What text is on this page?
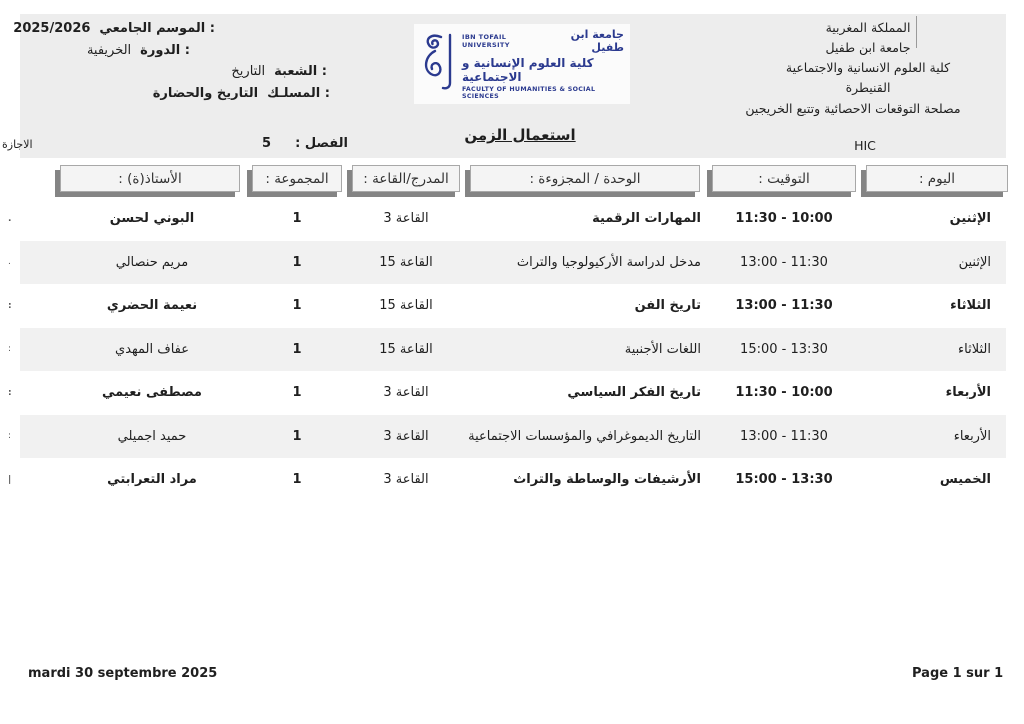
الموسم الجامعي :
2025/2026
الدورة :
الخريفية
الشعبة :
التاريخ
المسلـك :
التاريخ والحضارة
المملكة المغربية
جامعة ابن طفيل
كلية العلوم الانسانية والاجتماعية
القنيطرة
مصلحة التوقعات الاحصائية وتتبع الخريجين
HIC
IBN TOFAIL UNIVERSITY
جامعة ابن طفيل
كلية العلوم الإنسانية و الاجتماعية
FACULTY OF HUMANITIES & SOCIAL SCIENCES
استعمال الزمن
الفصل :
5
الاجازة
اليوم :
التوقيت :
الوحدة / المجزوءة :
المدرج/القاعة :
المجموعة :
الأستاذ(ة) :
الإثنين
10:00 - 11:30
المهارات الرقمية
القاعة 3
1
البوني لحسن
.
الإثنين
11:30 - 13:00
مدخل لدراسة الأركيولوجيا والتراث
القاعة 15
1
مريم حنصالي
.
الثلاثاء
11:30 - 13:00
تاريخ الفن
القاعة 15
1
نعيمة الحضري
:
الثلاثاء
13:30 - 15:00
اللغات الأجنبية
القاعة 15
1
عفاف المهدي
:
الأربعاء
10:00 - 11:30
تاريخ الفكر السياسي
القاعة 3
1
مصطفى نعيمي
:
الأربعاء
11:30 - 13:00
التاريخ الديموغرافي والمؤسسات الاجتماعية
القاعة 3
1
حميد اجميلي
:
الخميس
13:30 - 15:00
الأرشيفات والوساطة والتراث
القاعة 3
1
مراد التعرابتي
|
mardi 30 septembre 2025	Page 1 sur 1
